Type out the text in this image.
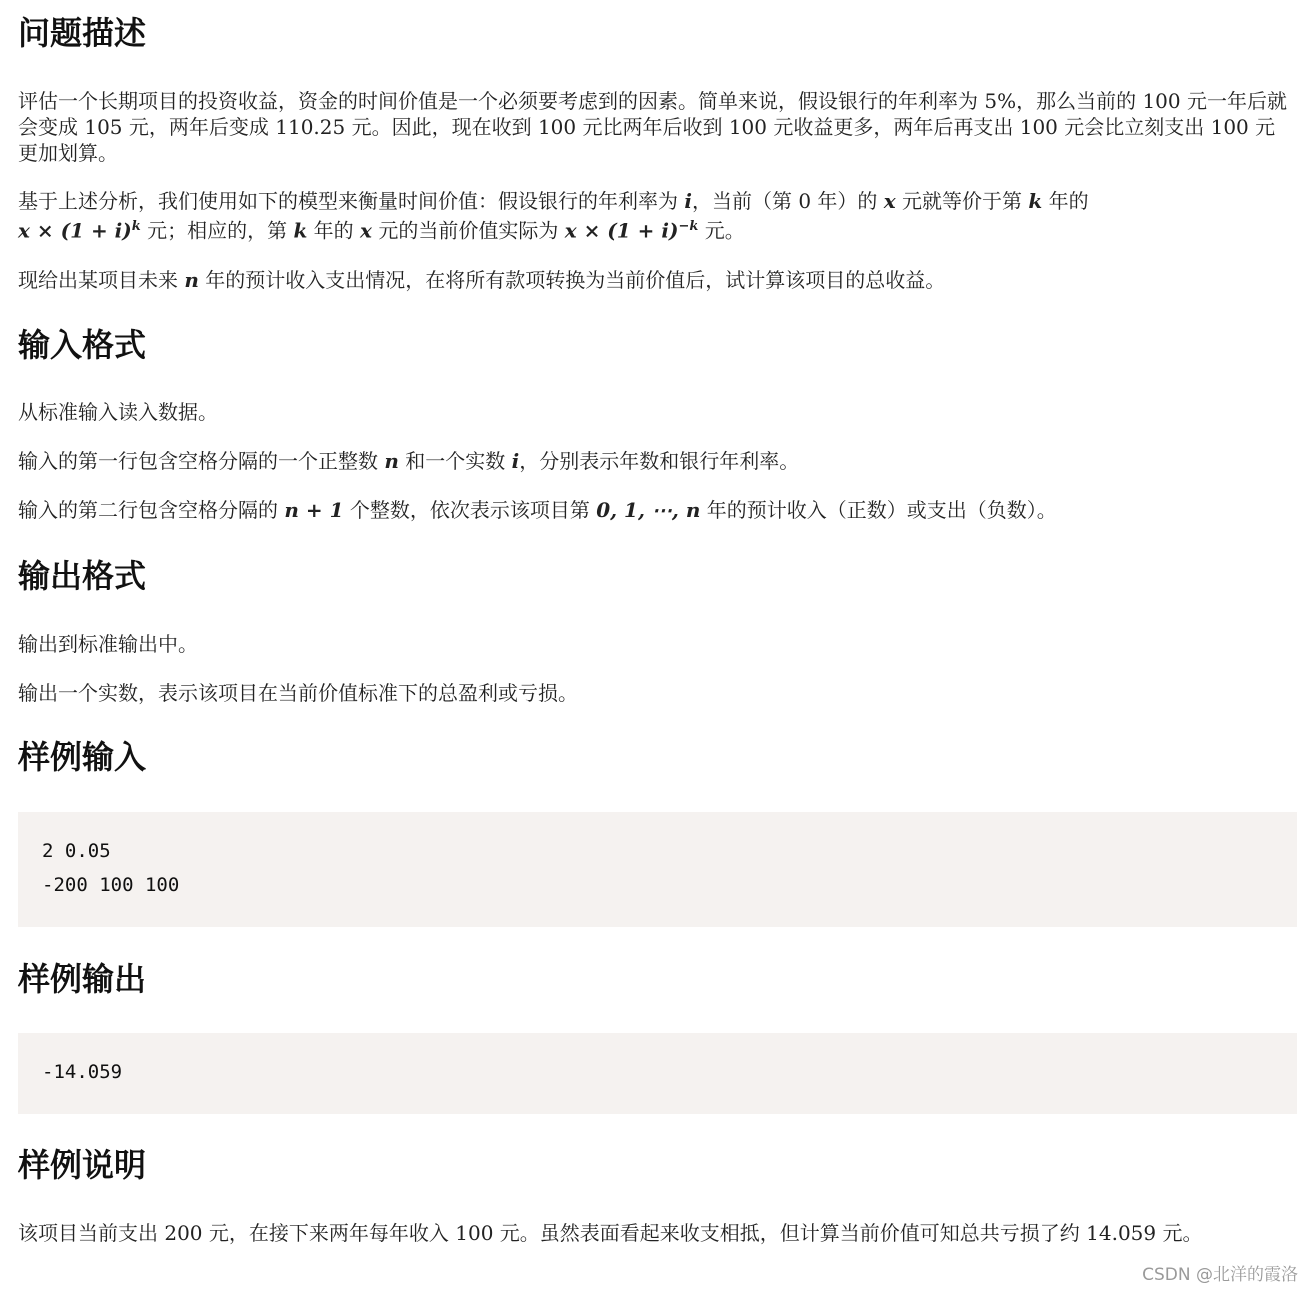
问题描述

评估一个长期项目的投资收益，资金的时间价值是一个必须要考虑到的因素。简单来说，假设银行的年利率为 5%，那么当前的 100 元一年后就会变成 105 元，两年后变成 110.25 元。因此，现在收到 100 元比两年后收到 100 元收益更多，两年后再支出 100 元会比立刻支出 100 元更加划算。

基于上述分析，我们使用如下的模型来衡量时间价值：假设银行的年利率为 i，当前（第 0 年）的 x 元就等价于第 k 年的
$x \times (1 + i)^k$ 元；相应的，第 k 年的 x 元的当前价值实际为 $x \times (1 + i)^{-k}$ 元。

现给出某项目未来 n 年的预计收入支出情况，在将所有款项转换为当前价值后，试计算该项目的总收益。

输入格式

从标准输入读入数据。

输入的第一行包含空格分隔的一个正整数 n 和一个实数 i，分别表示年数和银行年利率。

输入的第二行包含空格分隔的 n + 1 个整数，依次表示该项目第 0, 1, ⋯, n 年的预计收入（正数）或支出（负数）。

输出格式

输出到标准输出中。

输出一个实数，表示该项目在当前价值标准下的总盈利或亏损。

样例输入
2 0.05
-200 100 100
样例输出
-14.059
样例说明

该项目当前支出 200 元，在接下来两年每年收入 100 元。虽然表面看起来收支相抵，但计算当前价值可知总共亏损了约 14.059 元。

CSDN @北洋的霞洛
